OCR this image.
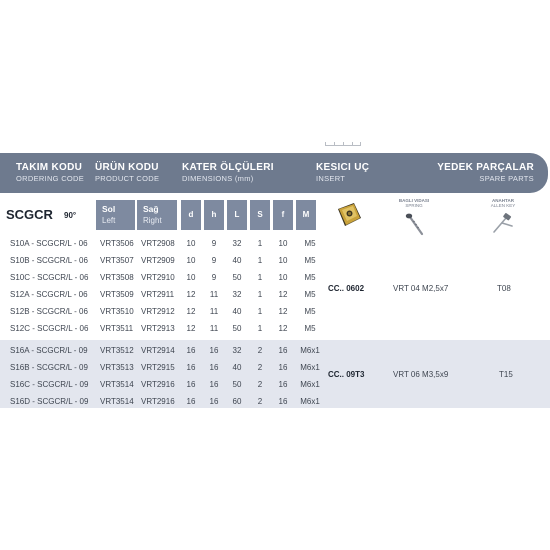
TAKIM KODU
ORDERING CODE
ÜRÜN KODU
PRODUCT CODE
KATER ÖLÇÜLERI
DIMENSIONS (mm)
KESICI UÇ
INSERT
YEDEK PARÇALAR
SPARE PARTS
SCGCR 90°
Sol
Left
Sağ
Right
d	h	L	S	f	M
S10A - SCGCR/L - 06 VRT3506 VRT2908	10	9	32	1	10	M5
S10B - SCGCR/L - 06 VRT3507 VRT2909	10	9	40	1	10	M5
S10C - SCGCR/L - 06 VRT3508 VRT2910	10	9	50	1	10	M5
S12A - SCGCR/L - 06 VRT3509 VRT2911	12	11	32	1	12	M5
S12B - SCGCR/L - 06 VRT3510 VRT2912	12	11	40	1	12	M5
S12C - SCGCR/L - 06 VRT3511 VRT2913	12	11	50	1	12	M5
S16A - SCGCR/L - 09 VRT3512 VRT2914	16	16	32	2	16	M6x1
S16B - SCGCR/L - 09 VRT3513 VRT2915	16	16	40	2	16	M6x1
S16C - SCGCR/L - 09 VRT3514 VRT2916	16	16	50	2	16	M6x1
S16D - SCGCR/L - 09 VRT3514 VRT2916	16	16	60	2	16	M6x1
BAGLI VIDASI
SPRING
ANAHTAR
ALLEN KEY
CC.. 0602	VRT 04 M2,5x7	T08
CC.. 09T3	VRT 06 M3,5x9	T15
